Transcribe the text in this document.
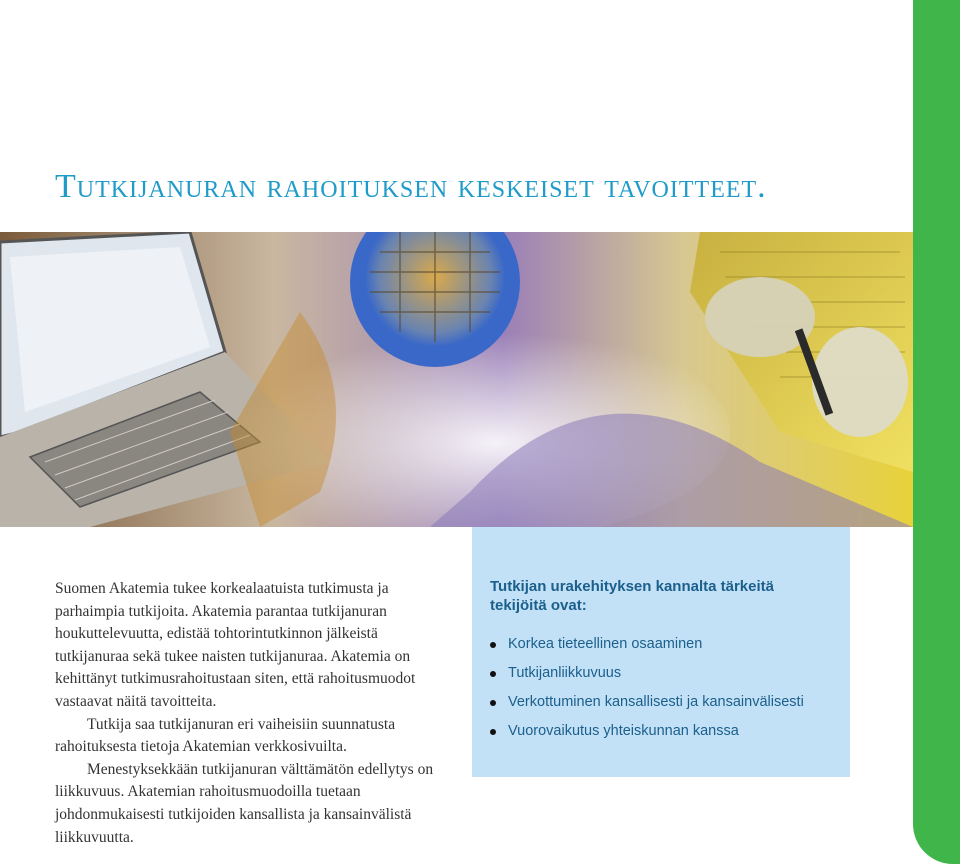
Tutkijanuran rahoituksen keskeiset tavoitteet.

Suomen Akatemia tukee korkealaatuista tutkimusta ja parhaimpia tutkijoita. Akatemia parantaa tutkijanuran houkuttelevuutta, edistää tohtorintutkinnon jälkeistä tutkijanuraa sekä tukee naisten tutkijanuraa. Akatemia on kehittänyt tutkimusrahoitustaan siten, että rahoitusmuodot vastaavat näitä tavoitteita.

Tutkija saa tutkijanuran eri vaiheisiin suunnatusta rahoituksesta tietoja Akatemian verkkosivuilta.

Menestyksekkään tutkijanuran välttämätön edellytys on liikkuvuus. Akatemian rahoitusmuodoilla tuetaan johdonmukaisesti tutkijoiden kansallista ja kansainvälistä liikkuvuutta.

Tutkijan urakehityksen kannalta tärkeitä tekijöitä ovat:
Korkea tieteellinen osaaminen
Tutkijanliikkuvuus
Verkottuminen kansallisesti ja kansainvälisesti
Vuorovaikutus yhteiskunnan kanssa
